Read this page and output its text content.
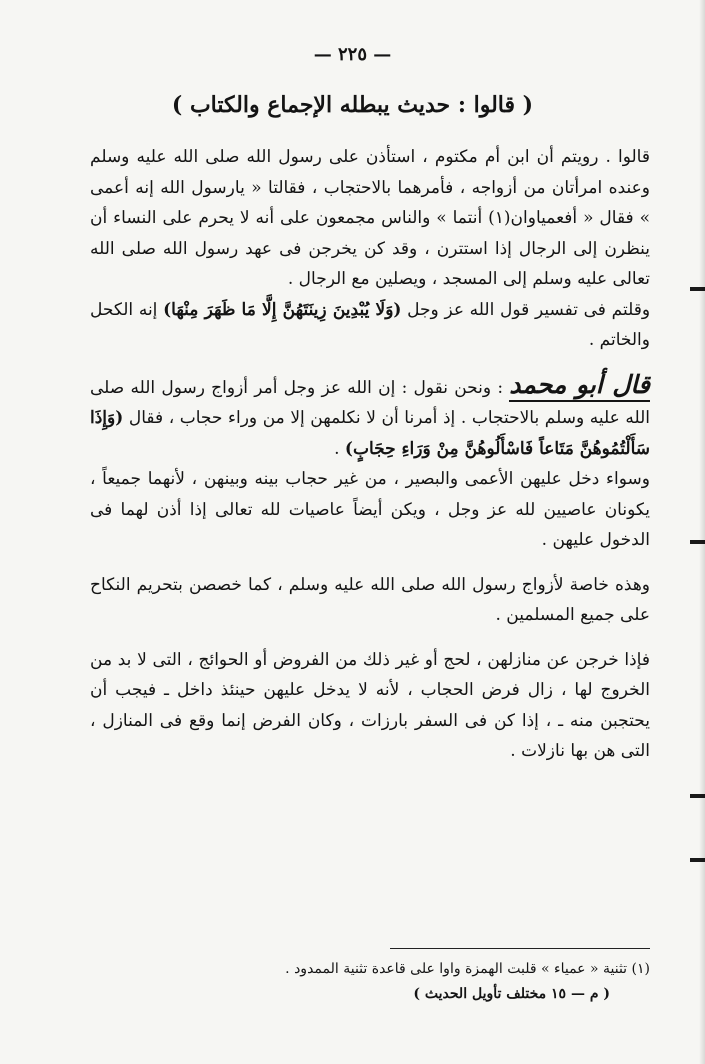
— ٢٢٥ —
( قالوا : حديث يبطله الإجماع والكتاب )

قالوا . رويتم أن ابن أم مكتوم ، استأذن على رسول الله صلى الله عليه وسلم وعنده امرأتان من أزواجه ، فأمرهما بالاحتجاب ، فقالتا « يارسول الله إنه أعمى » فقال « أفعمياوان(١) أنتما » والناس مجمعون على أنه لا يحرم على النساء أن ينظرن إلى الرجال إذا استترن ، وقد كن يخرجن فى عهد رسول الله صلى الله تعالى عليه وسلم إلى المسجد ، ويصلين مع الرجال .

وقلتم فى تفسير قول الله عز وجل (وَلَا يُبْدِينَ زِينَتَهُنَّ إِلَّا مَا ظَهَرَ مِنْهَا) إنه الكحل والخاتم .

قال أبو محمد : ونحن نقول : إن الله عز وجل أمر أزواج رسول الله صلى الله عليه وسلم بالاحتجاب . إذ أمرنا أن لا نكلمهن إلا من وراء حجاب ، فقال (وَإِذَا سَأَلْتُمُوهُنَّ مَتَاعاً فَاسْأَلُوهُنَّ مِنْ وَرَاءِ حِجَابٍ) .

وسواء دخل عليهن الأعمى والبصير ، من غير حجاب بينه وبينهن ، لأنهما جميعاً ، يكونان عاصيين لله عز وجل ، ويكن أيضاً عاصيات لله تعالى إذا أذن لهما فى الدخول عليهن .

وهذه خاصة لأزواج رسول الله صلى الله عليه وسلم ، كما خصصن بتحريم النكاح على جميع المسلمين .

فإذا خرجن عن منازلهن ، لحج أو غير ذلك من الفروض أو الحوائج ، التى لا بد من الخروج لها ، زال فرض الحجاب ، لأنه لا يدخل عليهن حينئذ داخل ـ فيجب أن يحتجبن منه ـ ، إذا كن فى السفر بارزات ، وكان الفرض إنما وقع فى المنازل ، التى هن بها نازلات .

(١) تثنية « عمياء » قلبت الهمزة واوا على قاعدة تثنية الممدود .
( م — ١٥ مختلف تأويل الحديث )
